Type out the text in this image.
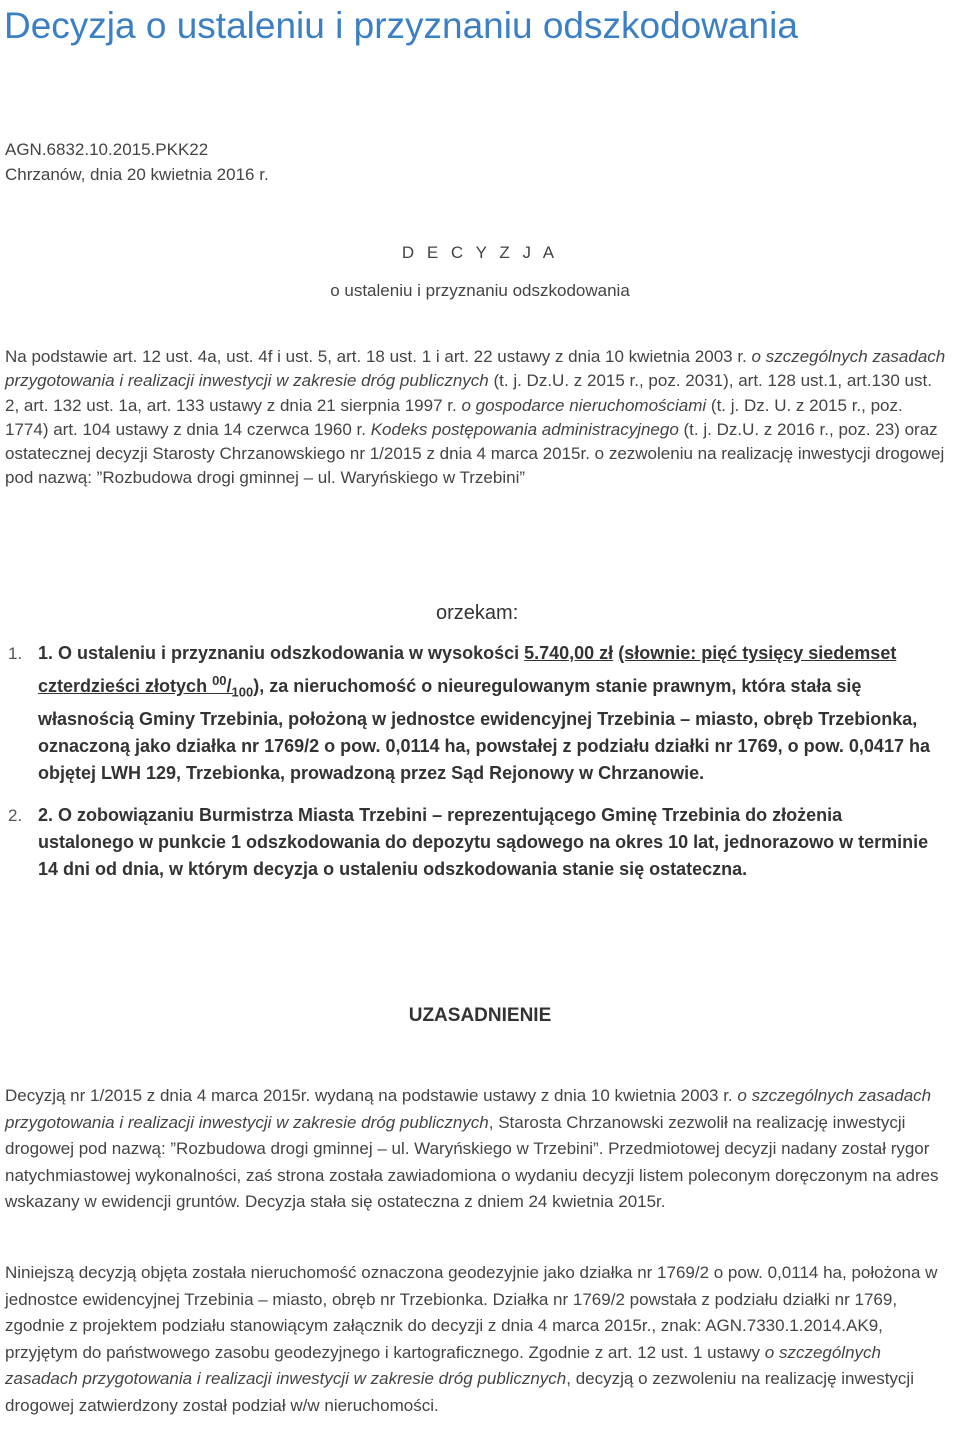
Decyzja o ustaleniu i przyznaniu odszkodowania
AGN.6832.10.2015.PKK22
Chrzanów, dnia 20 kwietnia 2016 r.
D E C Y Z J A
o ustaleniu i przyznaniu odszkodowania

Na podstawie art. 12 ust. 4a, ust. 4f i ust. 5, art. 18 ust. 1 i art. 22 ustawy z dnia 10 kwietnia 2003 r. o szczególnych zasadach przygotowania i realizacji inwestycji w zakresie dróg publicznych (t. j. Dz.U. z 2015 r., poz. 2031), art. 128 ust.1, art.130 ust. 2, art. 132 ust. 1a, art. 133 ustawy z dnia 21 sierpnia 1997 r. o gospodarce nieruchomościami (t. j. Dz. U. z 2015 r., poz. 1774) art. 104 ustawy z dnia 14 czerwca 1960 r. Kodeks postępowania administracyjnego (t. j. Dz.U. z 2016 r., poz. 23) oraz ostatecznej decyzji Starosty Chrzanowskiego nr 1/2015 z dnia 4 marca 2015r. o zezwoleniu na realizację inwestycji drogowej pod nazwą: ”Rozbudowa drogi gminnej – ul. Waryńskiego w Trzebini”

orzekam:
1. 1. O ustaleniu i przyznaniu odszkodowania w wysokości 5.740,00 zł (słownie: pięć tysięcy siedemset czterdzieści złotych $^{00}/_{100}$), za nieruchomość o nieuregulowanym stanie prawnym, która stała się własnością Gminy Trzebinia, położoną w jednostce ewidencyjnej Trzebinia – miasto, obręb Trzebionka, oznaczoną jako działka nr 1769/2 o pow. 0,0114 ha, powstałej z podziału działki nr 1769, o pow. 0,0417 ha objętej LWH 129, Trzebionka, prowadzoną przez Sąd Rejonowy w Chrzanowie.

2. 2. O zobowiązaniu Burmistrza Miasta Trzebini – reprezentującego Gminę Trzebinia do złożenia ustalonego w punkcie 1 odszkodowania do depozytu sądowego na okres 10 lat, jednorazowo w terminie 14 dni od dnia, w którym decyzja o ustaleniu odszkodowania stanie się ostateczna.

UZASADNIENIE

Decyzją nr 1/2015 z dnia 4 marca 2015r. wydaną na podstawie ustawy z dnia 10 kwietnia 2003 r. o szczególnych zasadach przygotowania i realizacji inwestycji w zakresie dróg publicznych, Starosta Chrzanowski zezwolił na realizację inwestycji drogowej pod nazwą: ”Rozbudowa drogi gminnej – ul. Waryńskiego w Trzebini”. Przedmiotowej decyzji nadany został rygor natychmiastowej wykonalności, zaś strona została zawiadomiona o wydaniu decyzji listem poleconym doręczonym na adres wskazany w ewidencji gruntów. Decyzja stała się ostateczna z dniem 24 kwietnia 2015r.

Niniejszą decyzją objęta została nieruchomość oznaczona geodezyjnie jako działka nr 1769/2 o pow. 0,0114 ha, położona w jednostce ewidencyjnej Trzebinia – miasto, obręb nr Trzebionka. Działka nr 1769/2 powstała z podziału działki nr 1769, zgodnie z projektem podziału stanowiącym załącznik do decyzji z dnia 4 marca 2015r., znak: AGN.7330.1.2014.AK9, przyjętym do państwowego zasobu geodezyjnego i kartograficznego. Zgodnie z art. 12 ust. 1 ustawy o szczególnych zasadach przygotowania i realizacji inwestycji w zakresie dróg publicznych, decyzją o zezwoleniu na realizację inwestycji drogowej zatwierdzony został podział w/w nieruchomości.
